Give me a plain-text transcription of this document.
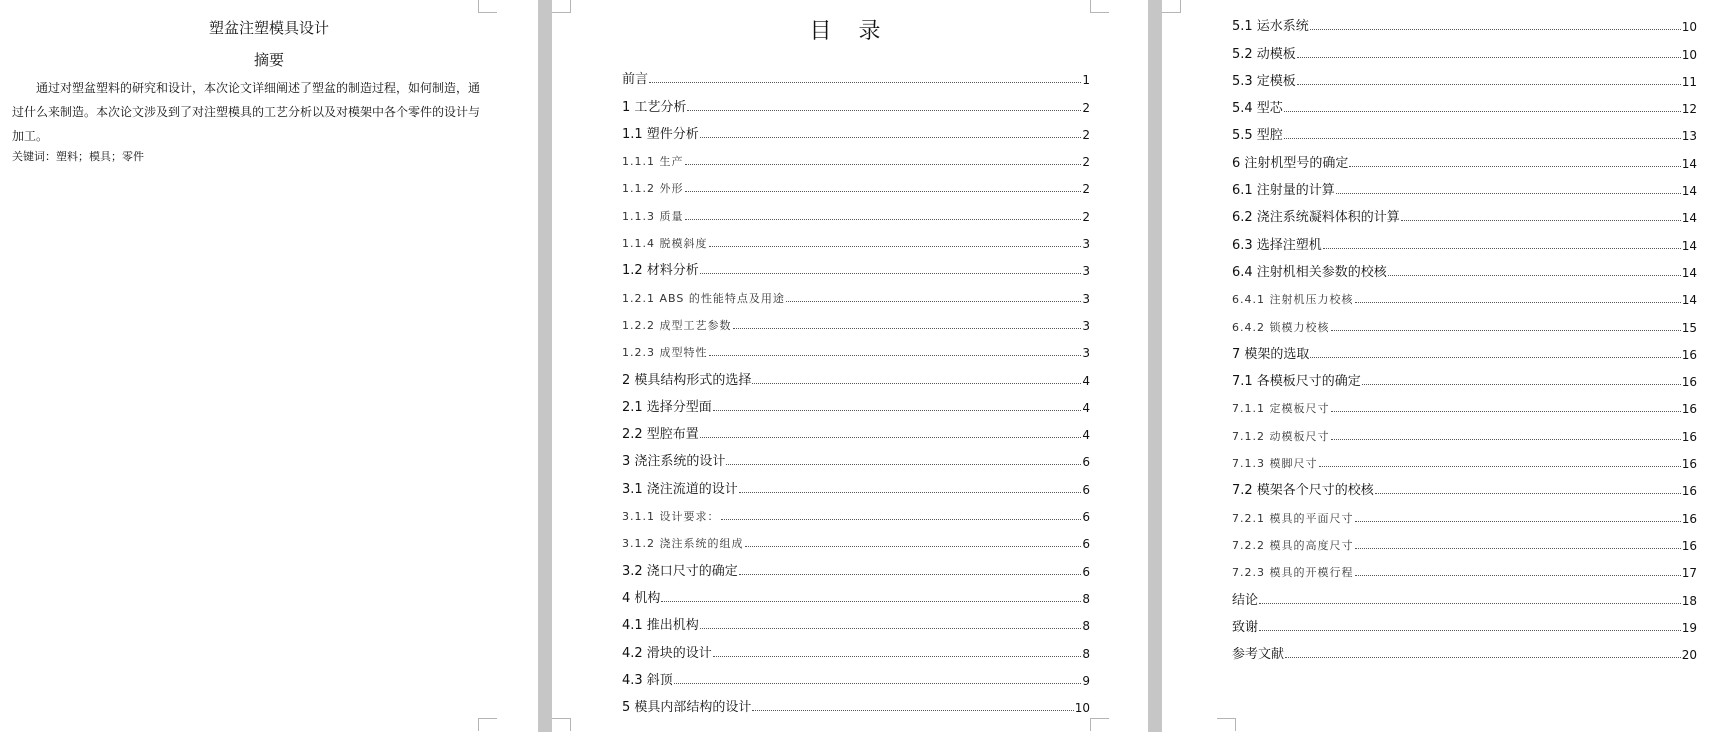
塑盆注塑模具设计
摘要

通过对塑盆塑料的研究和设计，本次论文详细阐述了塑盆的制造过程，如何制造，通过什么来制造。本次论文涉及到了对注塑模具的工艺分析以及对模架中各个零件的设计与加工。

关键词：塑料；模具；零件
目 录
前言	1
1 工艺分析	2
1.1 塑件分析	2
1.1.1 生产	2
1.1.2 外形	2
1.1.3 质量	2
1.1.4 脱模斜度	3
1.2 材料分析	3
1.2.1 ABS 的性能特点及用途	3
1.2.2 成型工艺参数	3
1.2.3 成型特性	3
2 模具结构形式的选择	4
2.1 选择分型面	4
2.2 型腔布置	4
3 浇注系统的设计	6
3.1 浇注流道的设计	6
3.1.1 设计要求：	6
3.1.2 浇注系统的组成	6
3.2 浇口尺寸的确定	6
4 机构	8
4.1 推出机构	8
4.2 滑块的设计	8
4.3 斜顶	9
5 模具内部结构的设计	10
5.1 运水系统	10
5.2 动模板	10
5.3 定模板	11
5.4 型芯	12
5.5 型腔	13
6 注射机型号的确定	14
6.1 注射量的计算	14
6.2 浇注系统凝料体积的计算	14
6.3 选择注塑机	14
6.4 注射机相关参数的校核	14
6.4.1 注射机压力校核	14
6.4.2 锁模力校核	15
7 模架的选取	16
7.1 各模板尺寸的确定	16
7.1.1 定模板尺寸	16
7.1.2 动模板尺寸	16
7.1.3 模脚尺寸	16
7.2 模架各个尺寸的校核	16
7.2.1 模具的平面尺寸	16
7.2.2 模具的高度尺寸	16
7.2.3 模具的开模行程	17
结论	18
致谢	19
参考文献	20
